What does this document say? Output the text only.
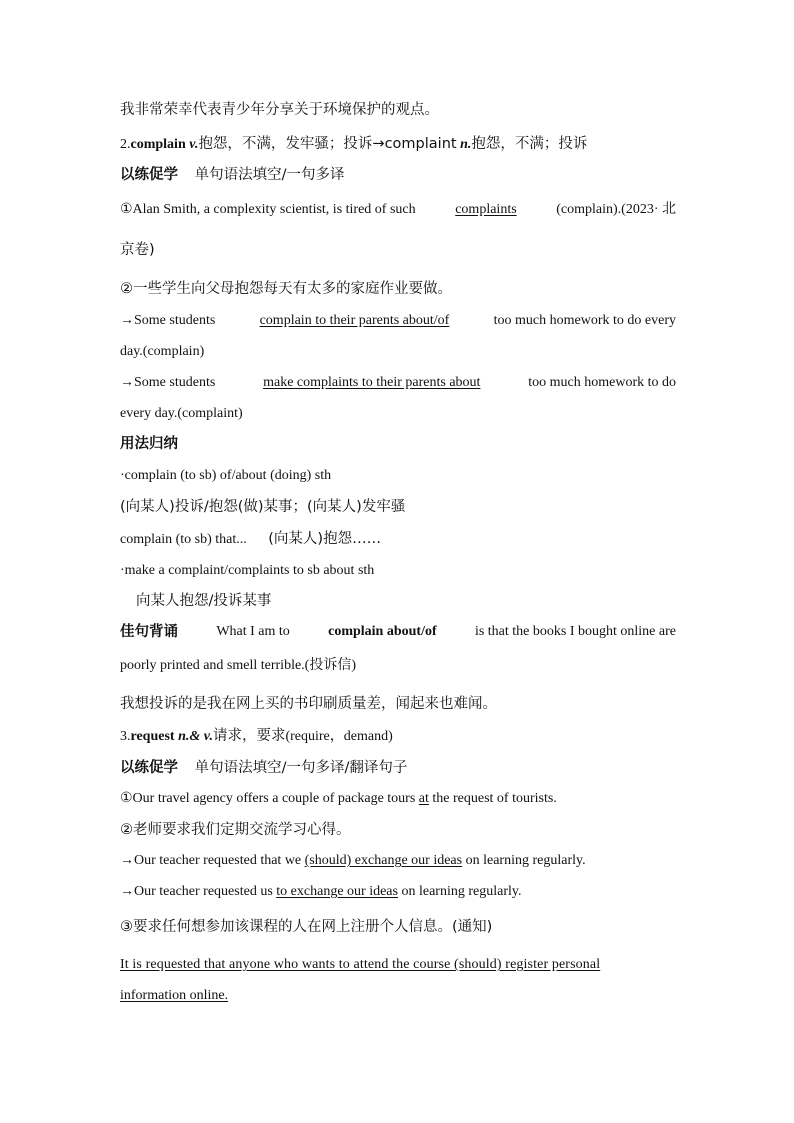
我非常荣幸代表青少年分享关于环境保护的观点。
2.complain v.抱怨，不满，发牢骚；投诉→complaint n.抱怨，不满；投诉
以练促学 单句语法填空/一句多译
①Alan Smith, a complexity scientist, is tired of such	complaints	(complain).(2023· 北
京卷)
②一些学生向父母抱怨每天有太多的家庭作业要做。
→Some students	complain to their parents about/of	too much homework to do every
day.(complain)
→Some students	make complaints to their parents about	too much homework to do
every day.(complaint)
用法归纳
·complain (to sb) of/about (doing) sth
(向某人)投诉/抱怨(做)某事；(向某人)发牢骚
complain (to sb) that... (向某人)抱怨……
·make a complaint/complaints to sb about sth
向某人抱怨/投诉某事
佳句背诵	What I am to	complain about/of	is that the books I bought online are
poorly printed and smell terrible.(投诉信)
我想投诉的是我在网上买的书印刷质量差，闻起来也难闻。
3.request n.& v.请求，要求(require，demand)
以练促学 单句语法填空/一句多译/翻译句子
①Our travel agency offers a couple of package tours at the request of tourists.
②老师要求我们定期交流学习心得。
→Our teacher requested that we (should) exchange our ideas on learning regularly.
→Our teacher requested us to exchange our ideas on learning regularly.
③要求任何想参加该课程的人在网上注册个人信息。(通知)
It is requested that anyone who wants to attend the course (should) register personal
information online.
